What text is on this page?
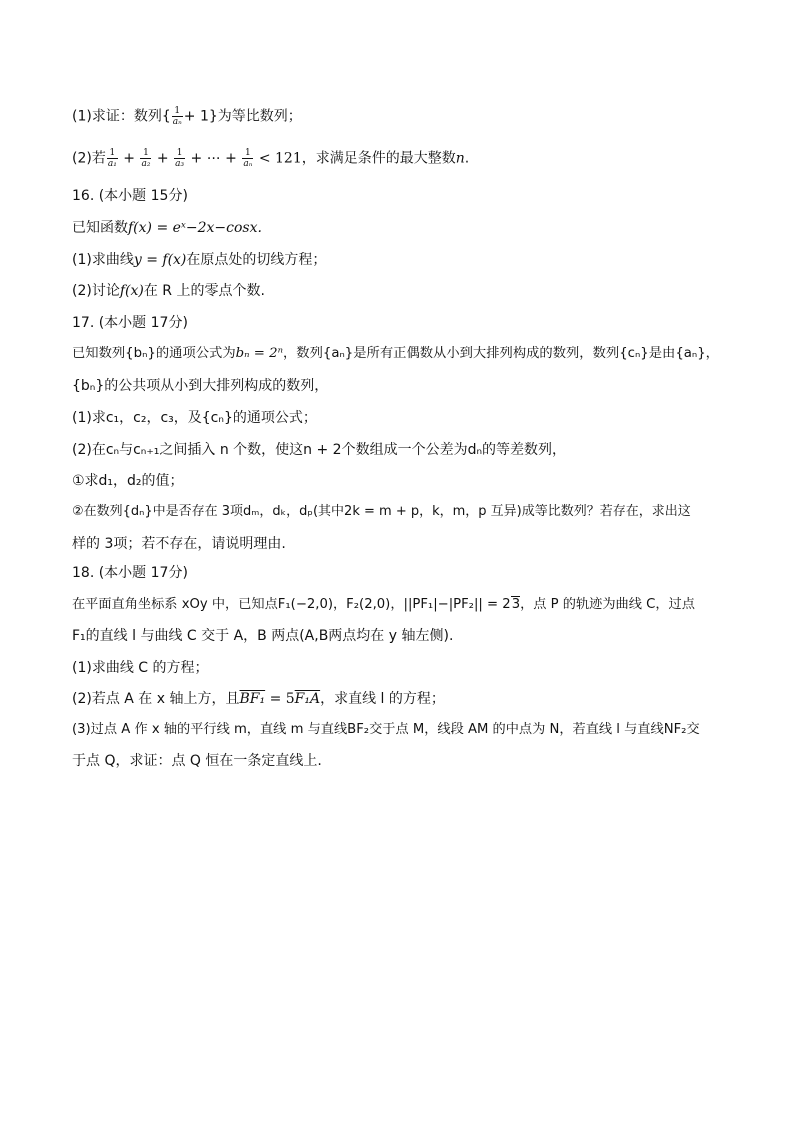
(1)求证：数列{ $\frac{1}{\text{aₙ}} + 1$}为等比数列；
(2)若 $\frac{1}{\text{a₁}} + \frac{1}{\text{a₂}} + \frac{1}{\text{a₃}}$ + ⋯ + $\frac{1}{\text{aₙ}} < 121$，求满足条件的最大整数n.
16. (本小题 15分)
已知函数f(x) = eˣ−2x−cosx.
(1)求曲线y = f(x)在原点处的切线方程；
(2)讨论f(x)在 R 上的零点个数.
17. (本小题 17分)
已知数列{bₙ}的通项公式为bₙ = 2ⁿ，数列{aₙ}是所有正偶数从小到大排列构成的数列，数列{cₙ}是由{aₙ}，
{bₙ}的公共项从小到大排列构成的数列，
(1)求c₁，c₂，c₃，及{cₙ}的通项公式；
(2)在cₙ与cₙ₊₁之间插入 n 个数，使这n + 2个数组成一个公差为dₙ的等差数列，
①求d₁，d₂的值；
②在数列{dₙ}中是否存在 3项dₘ，dₖ，dₚ(其中2k = m + p，k，m，p 互异)成等比数列？若存在，求出这
样的 3项；若不存在，请说明理由.
18. (本小题 17分)
在平面直角坐标系 xOy 中，已知点F₁(−2,0)，F₂(2,0)，||PF₁|−|PF₂|| = 23，点 P 的轨迹为曲线 C，过点
F₁的直线 l 与曲线 C 交于 A，B 两点(A,B两点均在 y 轴左侧).
(1)求曲线 C 的方程；
(2)若点 A 在 x 轴上方，且BF₁ = 5F₁A，求直线 l 的方程；
(3)过点 A 作 x 轴的平行线 m，直线 m 与直线BF₂交于点 M，线段 AM 的中点为 N，若直线 l 与直线NF₂交
于点 Q，求证：点 Q 恒在一条定直线上.
